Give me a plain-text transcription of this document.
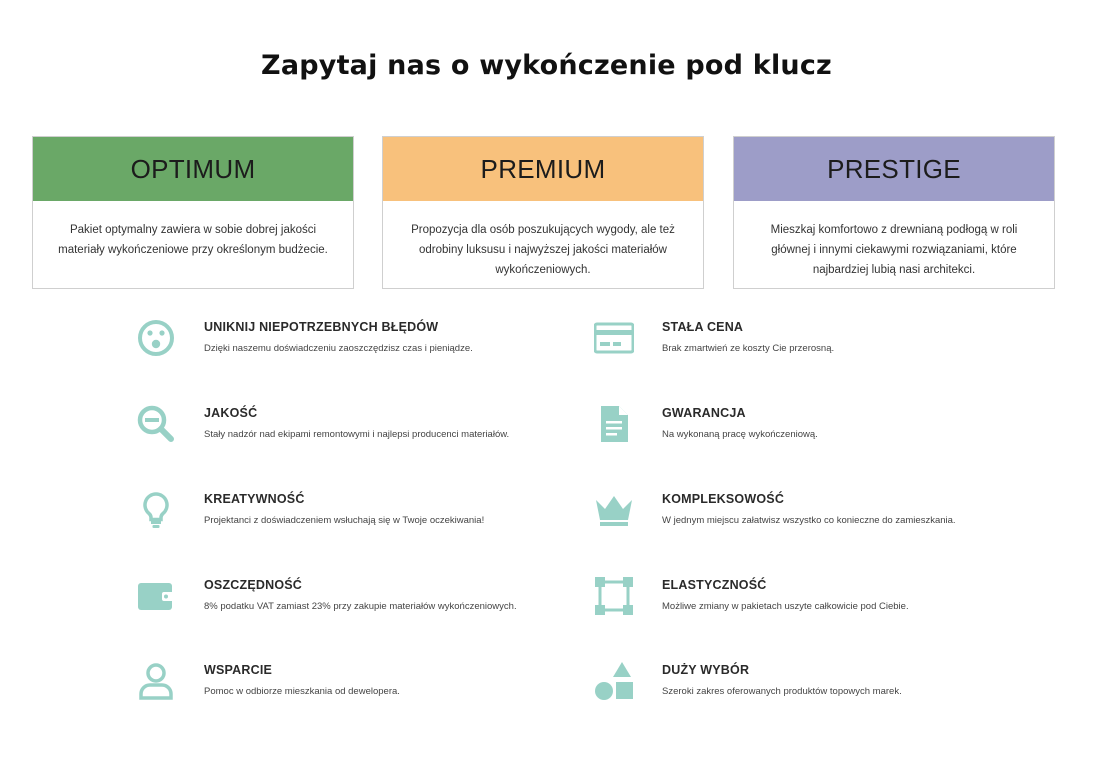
Zapytaj nas o wykończenie pod klucz
OPTIMUM
Pakiet optymalny zawiera w sobie dobrej jakości materiały wykończeniowe przy określonym budżecie.
PREMIUM
Propozycja dla osób poszukujących wygody, ale też odrobiny luksusu i najwyższej jakości materiałów wykończeniowych.
PRESTIGE
Mieszkaj komfortowo z drewnianą podłogą w roli głównej i innymi ciekawymi rozwiązaniami, które najbardziej lubią nasi architekci.
UNIKNIJ NIEPOTRZEBNYCH BŁĘDÓW
Dzięki naszemu doświadczeniu zaoszczędzisz czas i pieniądze.
JAKOŚĆ
Stały nadzór nad ekipami remontowymi i najlepsi producenci materiałów.
KREATYWNOŚĆ
Projektanci z doświadczeniem wsłuchają się w Twoje oczekiwania!
OSZCZĘDNOŚĆ
8% podatku VAT zamiast 23% przy zakupie materiałów wykończeniowych.
WSPARCIE
Pomoc w odbiorze mieszkania od dewelopera.
STAŁA CENA
Brak zmartwień ze koszty Cie przerosną.
GWARANCJA
Na wykonaną pracę wykończeniową.
KOMPLEKSOWOŚĆ
W jednym miejscu załatwisz wszystko co konieczne do zamieszkania.
ELASTYCZNOŚĆ
Możliwe zmiany w pakietach uszyte całkowicie pod Ciebie.
DUŻY WYBÓR
Szeroki zakres oferowanych produktów topowych marek.
